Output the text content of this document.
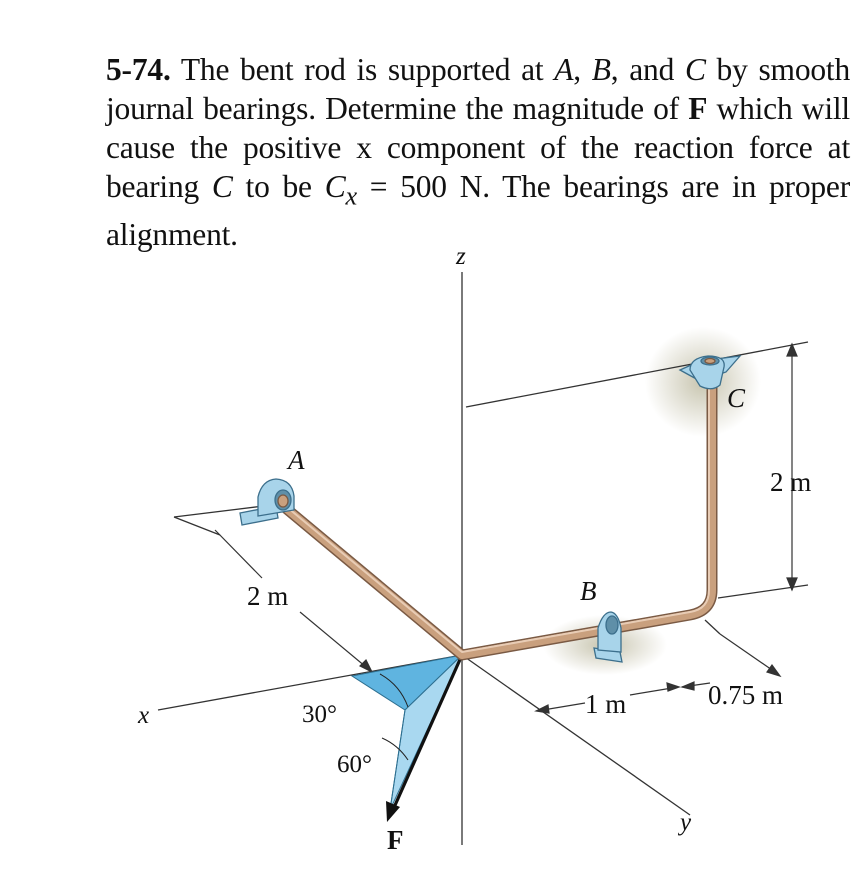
5-74. The bent rod is supported at A, B, and C by smooth journal bearings. Determine the magnitude of F which will cause the positive x component of the reaction force at bearing C to be $C_x = 500$ N. The bearings are in proper alignment.
z
x
y
A
B
C
F
2 m
1 m	0.75 m
2 m
30°
60°
